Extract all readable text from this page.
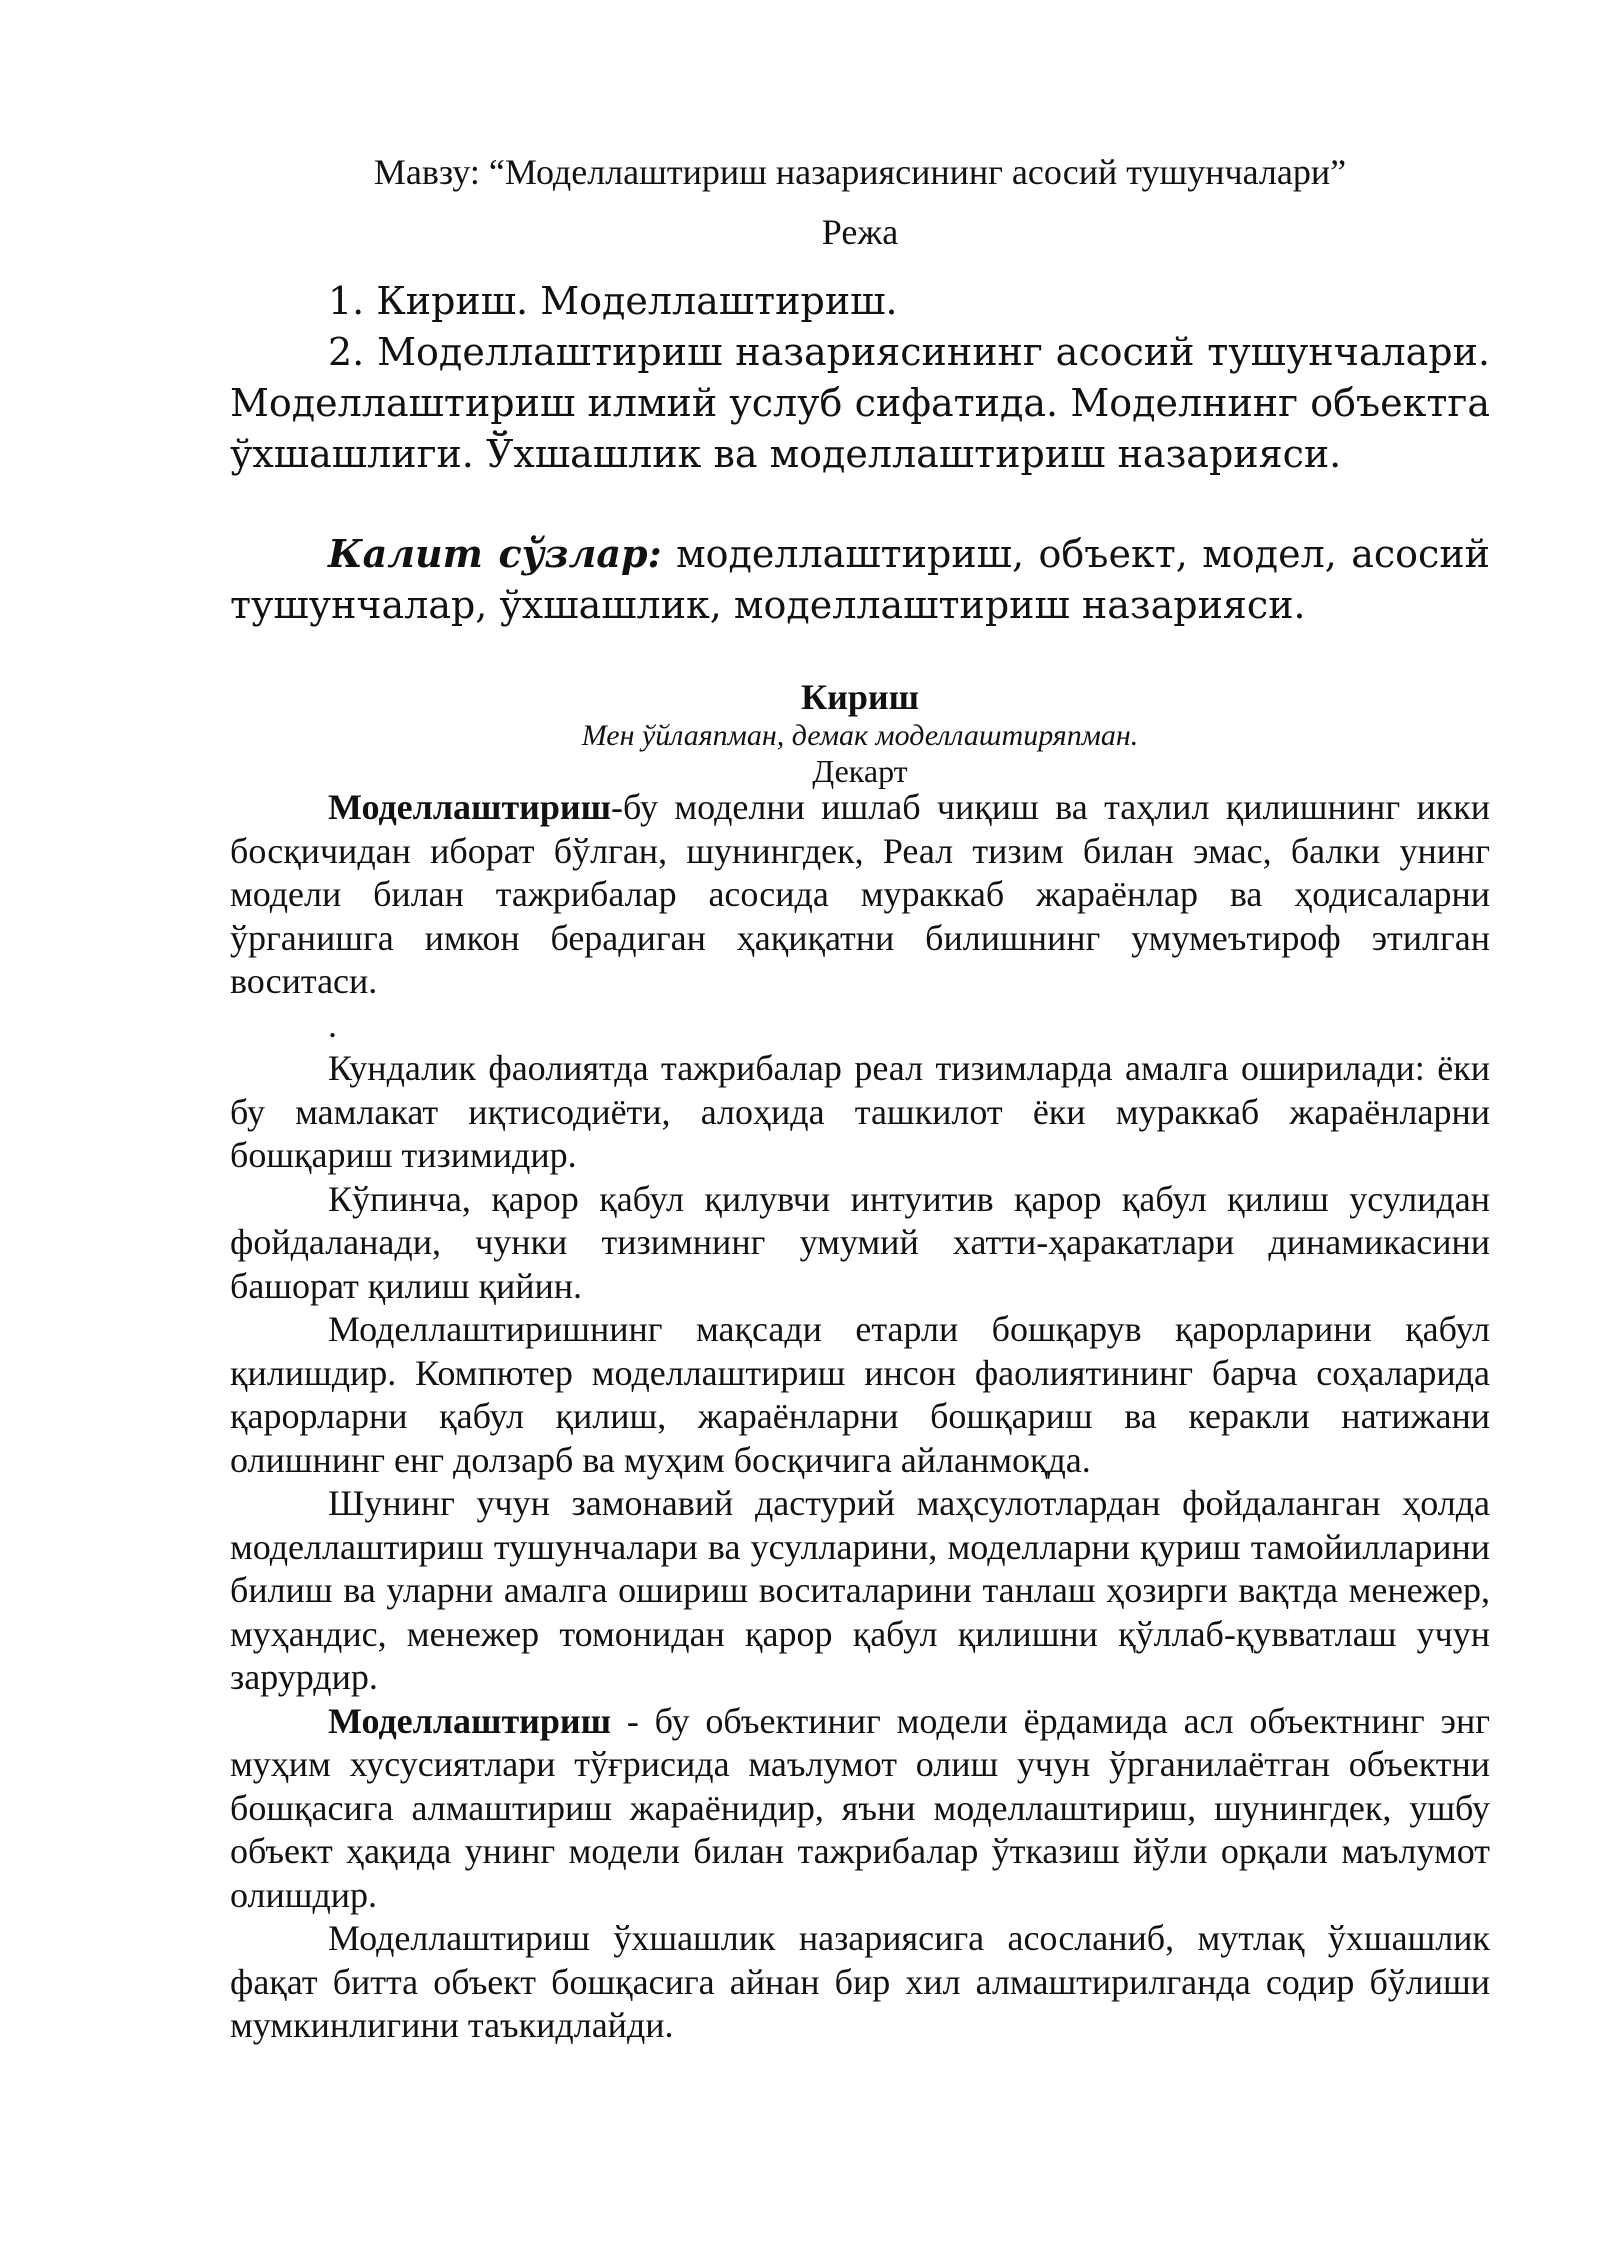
Мавзу: “Моделлаштириш назариясининг асосий тушунчалари”
Режа

1. Кириш. Моделлаштириш.

2. Моделлаштириш назариясининг асосий тушунчалари. Моделлаштириш илмий услуб сифатида. Моделнинг объектга ўхшашлиги. Ўхшашлик ва моделлаштириш назарияси.

Калит сўзлар: моделлаштириш, объект, модел, асосий тушунчалар, ўхшашлик, моделлаштириш назарияси.

Кириш
Мен ўйлаяпман, демак моделлаштиряпман.
Декарт

Моделлаштириш-бу моделни ишлаб чиқиш ва таҳлил қилишнинг икки босқичидан иборат бўлган, шунингдек, Реал тизим билан эмас, балки унинг модели билан тажрибалар асосида мураккаб жараёнлар ва ҳодисаларни ўрганишга имкон берадиган ҳақиқатни билишнинг умумеътироф этилган воситаси.

.

Кундалик фаолиятда тажрибалар реал тизимларда амалга оширилади: ёки бу мамлакат иқтисодиёти, алоҳида ташкилот ёки мураккаб жараёнларни бошқариш тизимидир.

Кўпинча, қарор қабул қилувчи интуитив қарор қабул қилиш усулидан фойдаланади, чунки тизимнинг умумий хатти-ҳаракатлари динамикасини башорат қилиш қийин.

Моделлаштиришнинг мақсади етарли бошқарув қарорларини қабул қилишдир. Компютер моделлаштириш инсон фаолиятининг барча соҳаларида қарорларни қабул қилиш, жараёнларни бошқариш ва керакли натижани олишнинг енг долзарб ва муҳим босқичига айланмоқда.

Шунинг учун замонавий дастурий маҳсулотлардан фойдаланган ҳолда моделлаштириш тушунчалари ва усулларини, моделларни қуриш тамойилларини билиш ва уларни амалга ошириш воситаларини танлаш ҳозирги вақтда менежер, муҳандис, менежер томонидан қарор қабул қилишни қўллаб-қувватлаш учун зарурдир.

Моделлаштириш - бу объектиниг модели ёрдамида асл объектнинг энг муҳим хусусиятлари тўғрисида маълумот олиш учун ўрганилаётган объектни бошқасига алмаштириш жараёнидир, яъни моделлаштириш, шунингдек, ушбу объект ҳақида унинг модели билан тажрибалар ўтказиш йўли орқали маълумот олишдир.

Моделлаштириш ўхшашлик назариясига асосланиб, мутлақ ўхшашлик фақат битта объект бошқасига айнан бир хил алмаштирилганда содир бўлиши мумкинлигини таъкидлайди.
